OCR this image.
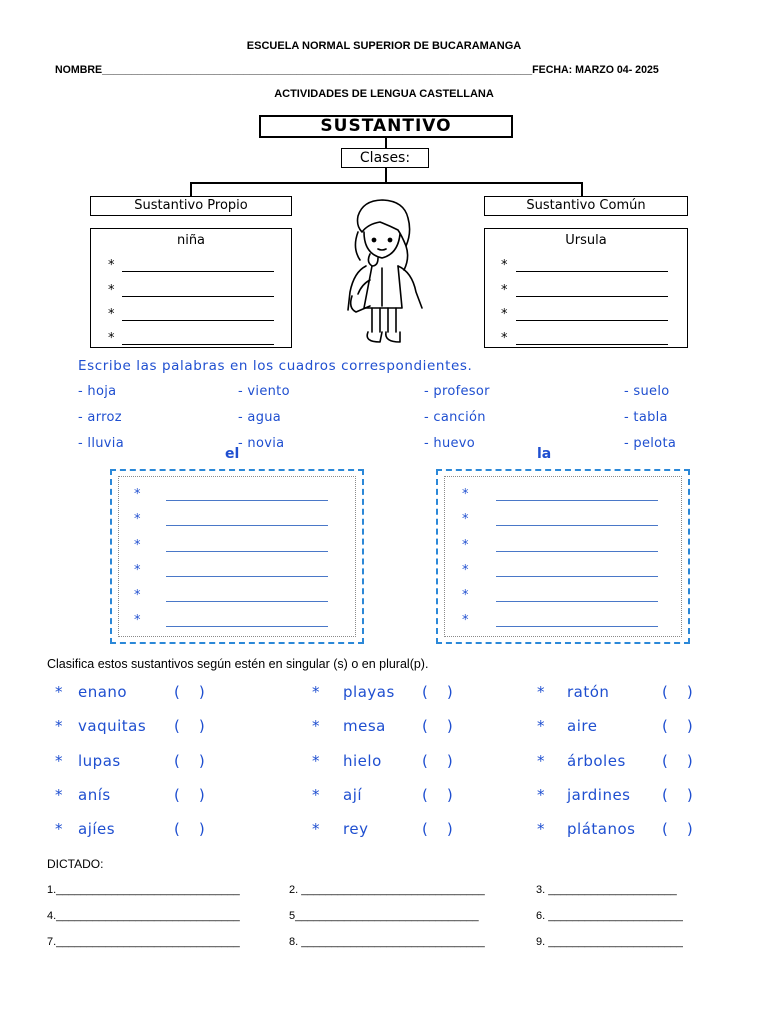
ESCUELA NORMAL SUPERIOR DE BUCARAMANGA
NOMBRE_________________________________________________________________________FECHA: MARZO 04- 2025
ACTIVIDADES DE LENGUA CASTELLANA
SUSTANTIVO
Clases:
Sustantivo Propio	Sustantivo Común
niña
*
*
*
*
Ursula
*
*
*
*
Escribe las palabras en los cuadros correspondientes.
- hoja	- viento	- profesor	- suelo
- arroz	- agua	- canción	- tabla
- lluvia	- novia	- huevo	- pelota
el	la
*
*
*
*
*
*
*
*
*
*
*
*
Clasifica estos sustantivos según estén en singular (s) o en plural(p).
* enano	(    )	* playas (    )	* ratón	(    )
* vaquitas (    )	* mesa (    )	* aire	(    )
* lupas	(    )	* hielo	(    )	* árboles (    )
* anís	(    )	* ají	(    )	* jardines (    )
* ajíes	(    )	* rey	(    )	* plátanos (    )
DICTADO:
1.______________________________	2. ______________________________	3. _____________________
4.______________________________	5______________________________	6. ______________________
7.______________________________	8. ______________________________	9. ______________________
